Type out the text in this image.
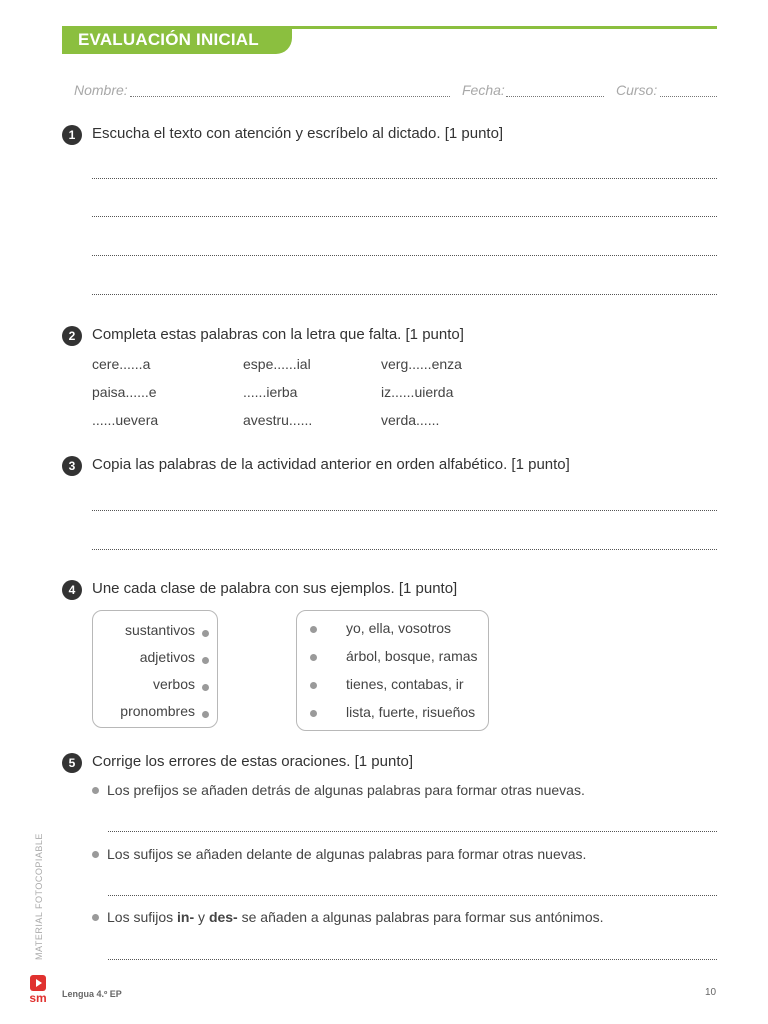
EVALUACIÓN INICIAL
Nombre:	Fecha:	Curso:
1	Escucha el texto con atención y escríbelo al dictado. [1 punto]
2	Completa estas palabras con la letra que falta. [1 punto]
cere......a	espe......ial	verg......enza
paisa......e	......ierba	iz......uierda
......uevera	avestru......	verda......
3	Copia las palabras de la actividad anterior en orden alfabético. [1 punto]
4	Une cada clase de palabra con sus ejemplos. [1 punto]
sustantivos
adjetivos
verbos
pronombres
yo, ella, vosotros
árbol, bosque, ramas
tienes, contabas, ir
lista, fuerte, risueños
5	Corrige los errores de estas oraciones. [1 punto]
Los prefijos se añaden detrás de algunas palabras para formar otras nuevas.
Los sufijos se añaden delante de algunas palabras para formar otras nuevas.
Los sufijos in- y des- se añaden a algunas palabras para formar sus antónimos.
MATERIAL FOTOCOPIABLE
sm Lengua 4.º EP	10
